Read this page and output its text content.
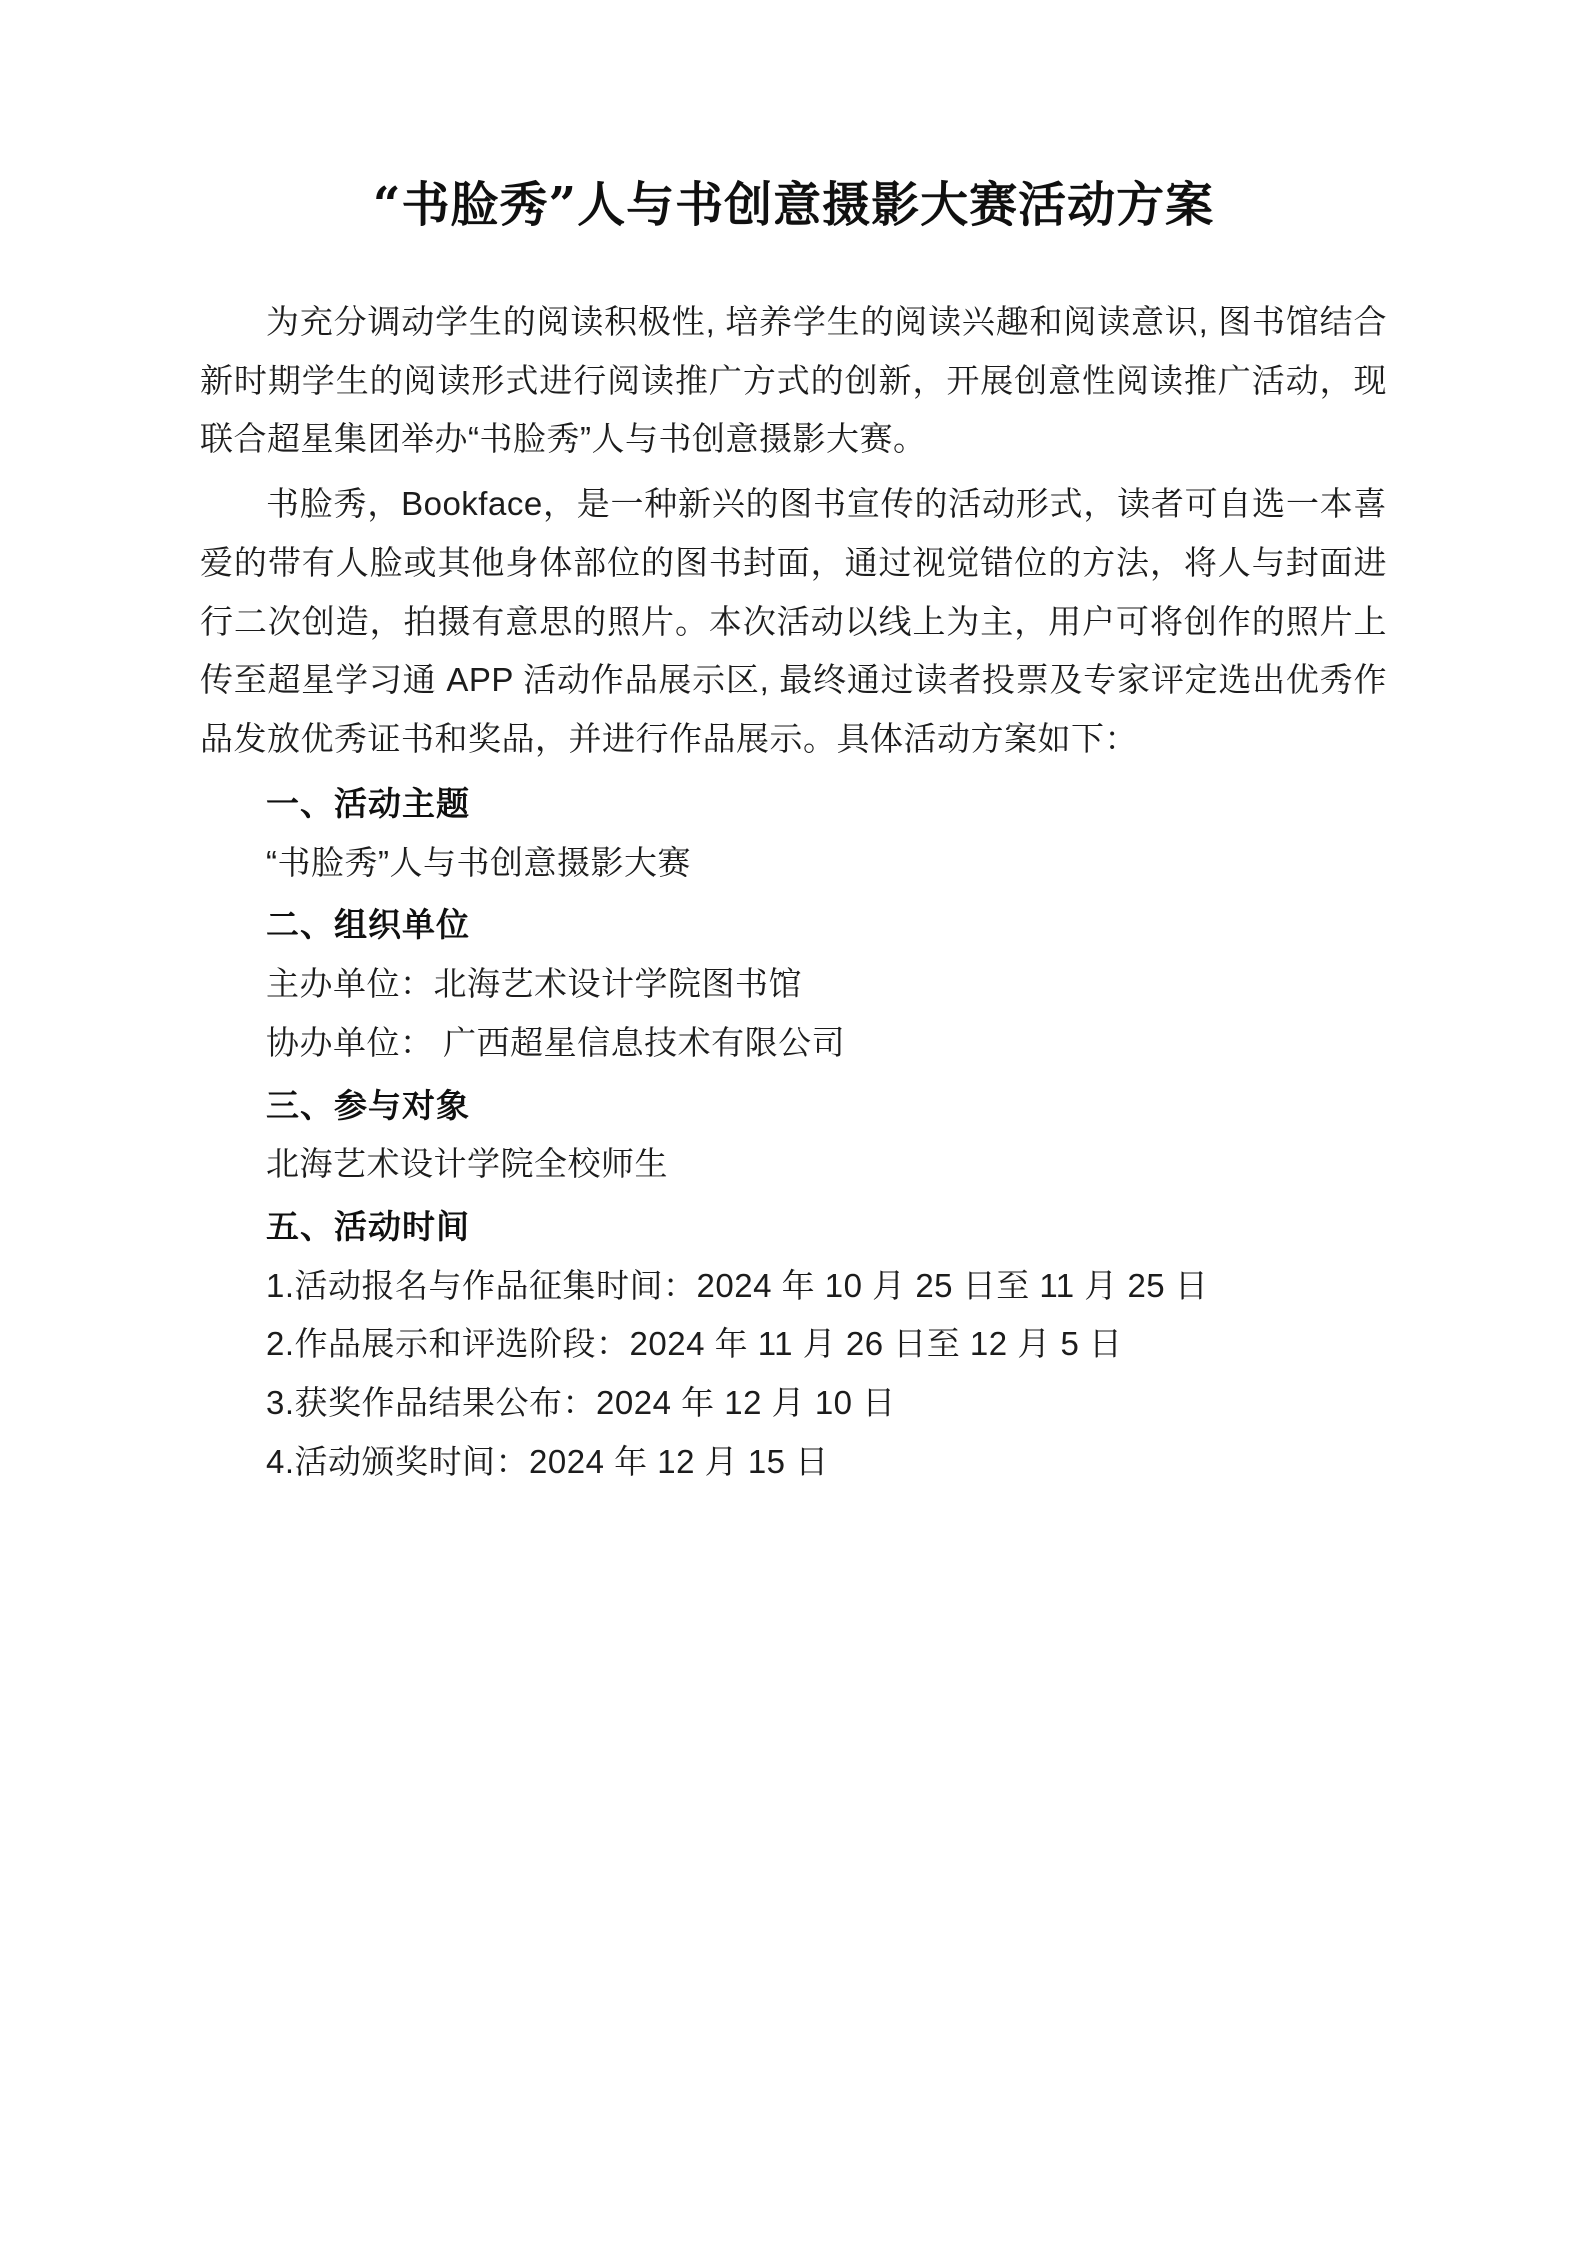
“书脸秀”人与书创意摄影大赛活动方案

为充分调动学生的阅读积极性, 培养学生的阅读兴趣和阅读意识, 图书馆结合新时期学生的阅读形式进行阅读推广方式的创新，开展创意性阅读推广活动，现联合超星集团举办“书脸秀”人与书创意摄影大赛。

书脸秀，Bookface，是一种新兴的图书宣传的活动形式，读者可自选一本喜爱的带有人脸或其他身体部位的图书封面，通过视觉错位的方法，将人与封面进行二次创造，拍摄有意思的照片。本次活动以线上为主，用户可将创作的照片上传至超星学习通 APP 活动作品展示区, 最终通过读者投票及专家评定选出优秀作品发放优秀证书和奖品，并进行作品展示。具体活动方案如下：

一、活动主题

“书脸秀”人与书创意摄影大赛

二、组织单位

主办单位：北海艺术设计学院图书馆

协办单位： 广西超星信息技术有限公司

三、参与对象

北海艺术设计学院全校师生

五、活动时间

1.活动报名与作品征集时间：2024 年 10 月 25 日至 11 月 25 日

2.作品展示和评选阶段：2024 年 11 月 26 日至 12 月 5 日

3.获奖作品结果公布：2024 年 12 月 10 日

4.活动颁奖时间：2024 年 12 月 15 日
